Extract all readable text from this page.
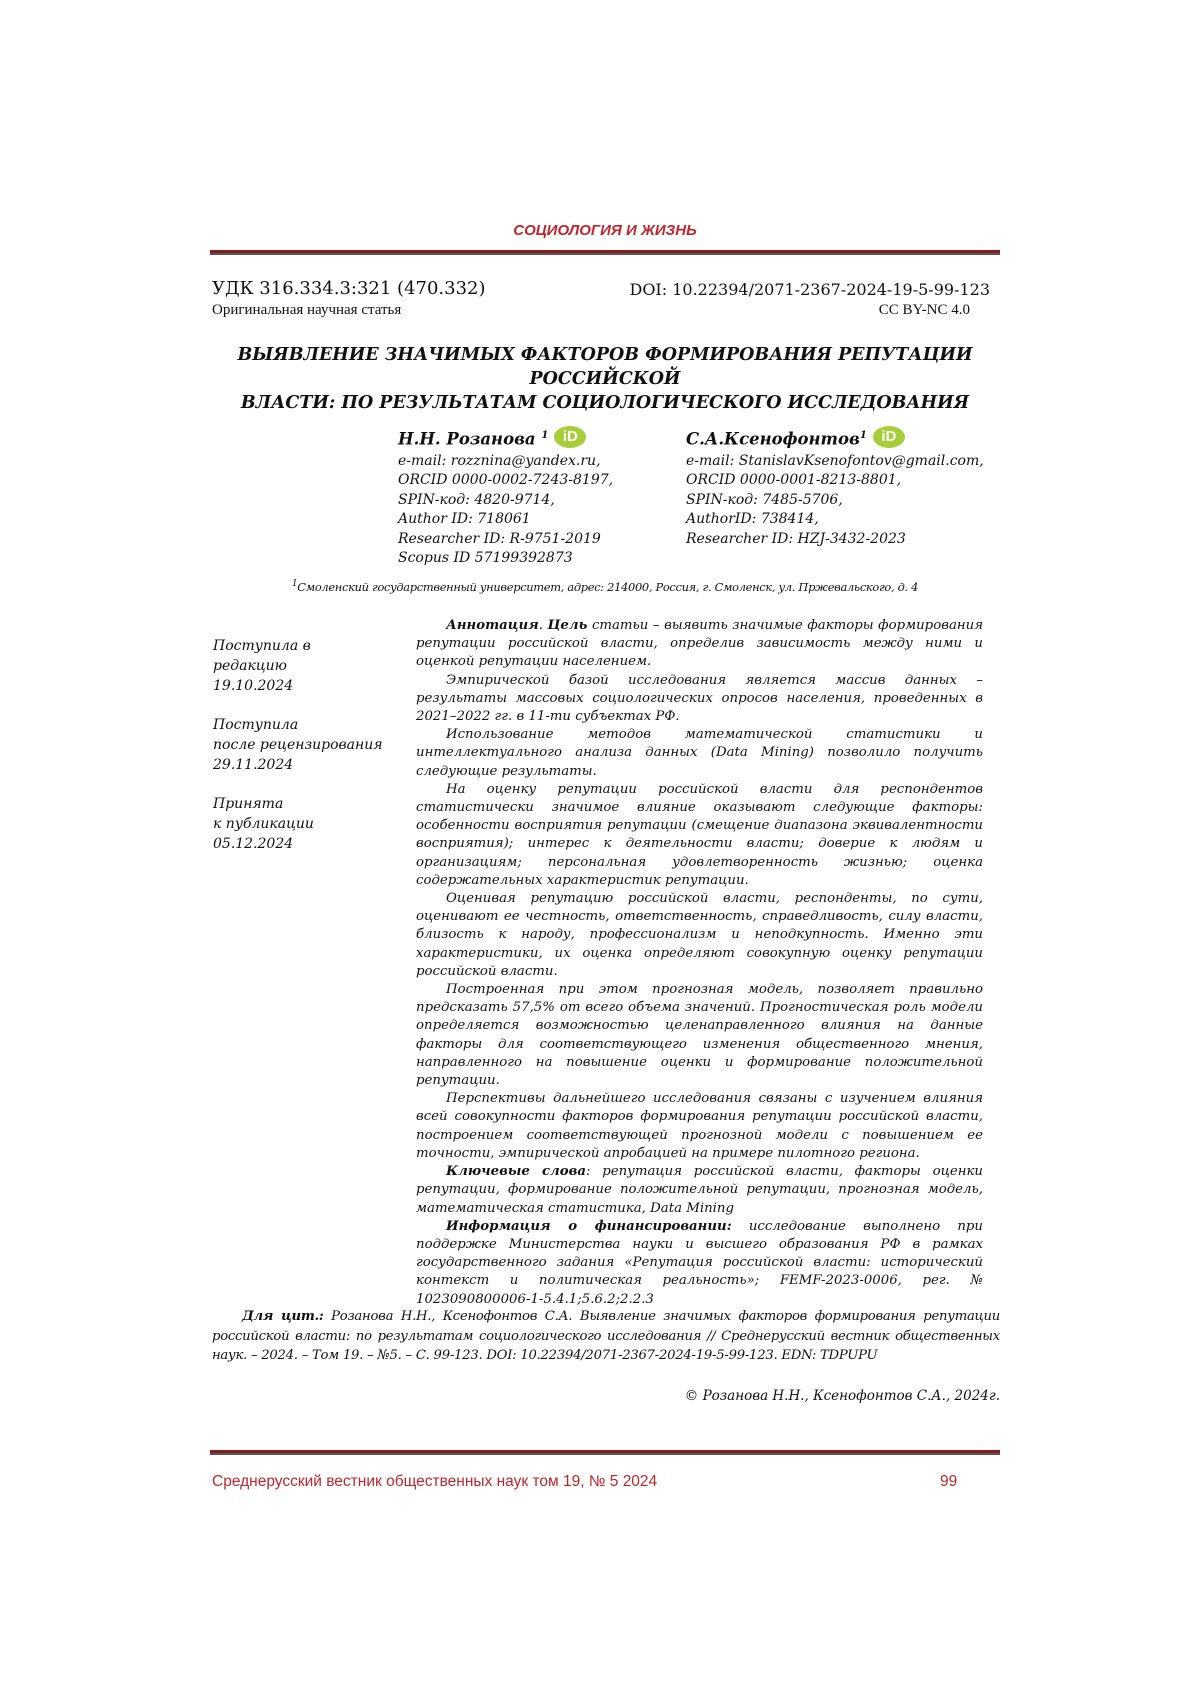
СОЦИОЛОГИЯ И ЖИЗНЬ
УДК 316.334.3:321 (470.332)	DOI: 10.22394/2071-2367-2024-19-5-99-123
Оригинальная научная статья	CC BY-NC 4.0
ВЫЯВЛЕНИЕ ЗНАЧИМЫХ ФАКТОРОВ ФОРМИРОВАНИЯ РЕПУТАЦИИ РОССИЙСКОЙ
ВЛАСТИ: ПО РЕЗУЛЬТАТАМ СОЦИОЛОГИЧЕСКОГО ИССЛЕДОВАНИЯ
Н.Н. Розанова $^1$ iD
e-mail: rozznina@yandex.ru,
ORCID 0000-0002-7243-8197,
SPIN-код: 4820-9714,
Author ID: 718061
Researcher ID: R-9751-2019
Scopus ID 57199392873
С.А.Ксенофонтов$^1$ iD
e-mail: StanislavKsenofontov@gmail.com,
ORCID 0000-0001-8213-8801,
SPIN-код: 7485-5706,
AuthorID: 738414,
Researcher ID: HZJ-3432-2023
$^1$Смоленский государственный университет, адрес: 214000, Россия, г. Смоленск, ул. Пржевальского, д. 4
Поступила в
редакцию
19.10.2024
Поступила
после рецензирования
29.11.2024
Принята
к публикации
05.12.2024

Аннотация. Цель статьи – выявить значимые факторы формирования репутации российской власти, определив зависимость между ними и оценкой репутации населением.

Эмпирической базой исследования является массив данных – результаты массовых социологических опросов населения, проведенных в 2021–2022 гг. в 11-ти субъектах РФ.

Использование методов математической статистики и интеллектуального анализа данных (Data Mining) позволило получить следующие результаты.

На оценку репутации российской власти для респондентов статистически значимое влияние оказывают следующие факторы: особенности восприятия репутации (смещение диапазона эквивалентности восприятия); интерес к деятельности власти; доверие к людям и организациям; персональная удовлетворенность жизнью; оценка содержательных характеристик репутации.

Оценивая репутацию российской власти, респонденты, по сути, оценивают ее честность, ответственность, справедливость, силу власти, близость к народу, профессионализм и неподкупность. Именно эти характеристики, их оценка определяют совокупную оценку репутации российской власти.

Построенная при этом прогнозная модель, позволяет правильно предсказать 57,5% от всего объема значений. Прогностическая роль модели определяется возможностью целенаправленного влияния на данные факторы для соответствующего изменения общественного мнения, направленного на повышение оценки и формирование положительной репутации.

Перспективы дальнейшего исследования связаны с изучением влияния всей совокупности факторов формирования репутации российской власти, построением соответствующей прогнозной модели с повышением ее точности, эмпирической апробацией на примере пилотного региона.

Ключевые слова: репутация российской власти, факторы оценки репутации, формирование положительной репутации, прогнозная модель, математическая статистика, Data Mining

Информация о финансировании: исследование выполнено при поддержке Министерства науки и высшего образования РФ в рамках государственного задания «Репутация российской власти: исторический контекст и политическая реальность»; FEMF-2023-0006, рег. № 1023090800006-1-5.4.1;5.6.2;2.2.3

Для цит.: Розанова Н.Н., Ксенофонтов С.А. Выявление значимых факторов формирования репутации российской власти: по результатам социологического исследования // Среднерусский вестник общественных наук. – 2024. – Том 19. – №5. – С. 99-123. DOI: 10.22394/2071-2367-2024-19-5-99-123. EDN: TDPUPU

© Розанова Н.Н., Ксенофонтов С.А., 2024г.
Среднерусский вестник общественных наук том 19, № 5 2024	99
